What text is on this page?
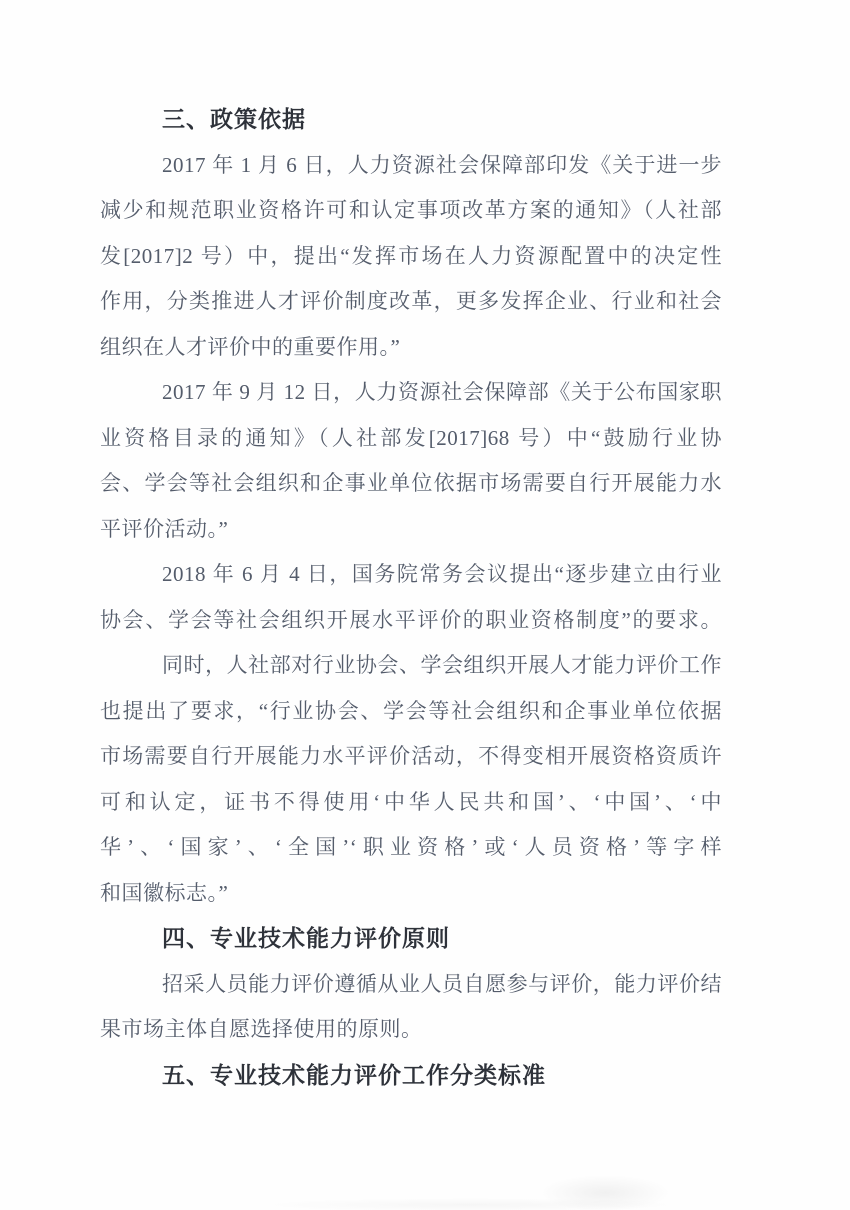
三、政策依据
2017 年 1 月 6 日，人力资源社会保障部印发《关于进一步
减少和规范职业资格许可和认定事项改革方案的通知》（人社部
发[2017]2 号）中，提出“发挥市场在人力资源配置中的决定性
作用，分类推进人才评价制度改革，更多发挥企业、行业和社会
组织在人才评价中的重要作用。”
2017 年 9 月 12 日，人力资源社会保障部《关于公布国家职
业资格目录的通知》（人社部发[2017]68 号）中“鼓励行业协
会、学会等社会组织和企事业单位依据市场需要自行开展能力水
平评价活动。”
2018 年 6 月 4 日，国务院常务会议提出“逐步建立由行业
协会、学会等社会组织开展水平评价的职业资格制度”的要求。
同时，人社部对行业协会、学会组织开展人才能力评价工作
也提出了要求，“行业协会、学会等社会组织和企事业单位依据
市场需要自行开展能力水平评价活动，不得变相开展资格资质许
可和认定，证书不得使用‘中华人民共和国’、‘中国’、‘中
华’、‘国家’、‘全国’‘职业资格’或‘人员资格’等字样
和国徽标志。”
四、专业技术能力评价原则
招采人员能力评价遵循从业人员自愿参与评价，能力评价结
果市场主体自愿选择使用的原则。
五、专业技术能力评价工作分类标准
